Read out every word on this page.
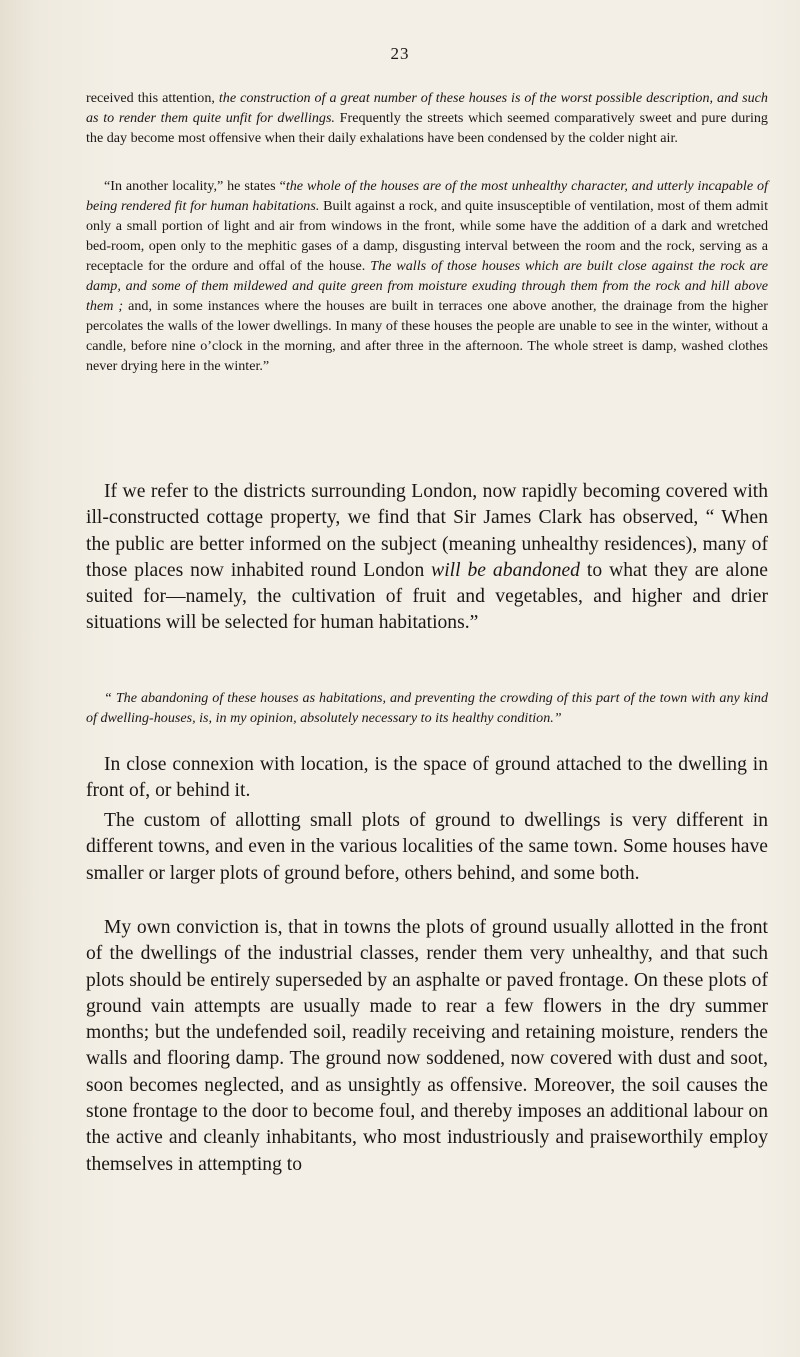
23

received this attention, the construction of a great number of these houses is of the worst possible description, and such as to render them quite unfit for dwellings. Frequently the streets which seemed comparatively sweet and pure during the day become most offensive when their daily exhalations have been condensed by the colder night air.

“In another locality,” he states “the whole of the houses are of the most unhealthy character, and utterly incapable of being rendered fit for human habitations. Built against a rock, and quite insusceptible of ventilation, most of them admit only a small portion of light and air from windows in the front, while some have the addition of a dark and wretched bed-room, open only to the mephitic gases of a damp, disgusting interval between the room and the rock, serving as a receptacle for the ordure and offal of the house. The walls of those houses which are built close against the rock are damp, and some of them mildewed and quite green from moisture exuding through them from the rock and hill above them ; and, in some instances where the houses are built in terraces one above another, the drainage from the higher percolates the walls of the lower dwellings. In many of these houses the people are unable to see in the winter, without a candle, before nine o’clock in the morning, and after three in the afternoon. The whole street is damp, washed clothes never drying here in the winter.”

If we refer to the districts surrounding London, now rapidly becoming covered with ill-constructed cottage property, we find that Sir James Clark has observed, “ When the public are better informed on the subject (meaning unhealthy residences), many of those places now inhabited round London will be abandoned to what they are alone suited for—namely, the cultivation of fruit and vegetables, and higher and drier situations will be selected for human habitations.”

“ The abandoning of these houses as habitations, and preventing the crowding of this part of the town with any kind of dwelling-houses, is, in my opinion, absolutely necessary to its healthy condition.”

In close connexion with location, is the space of ground attached to the dwelling in front of, or behind it.

The custom of allotting small plots of ground to dwellings is very different in different towns, and even in the various localities of the same town. Some houses have smaller or larger plots of ground before, others behind, and some both.

My own conviction is, that in towns the plots of ground usually allotted in the front of the dwellings of the industrial classes, render them very unhealthy, and that such plots should be entirely superseded by an asphalte or paved frontage. On these plots of ground vain attempts are usually made to rear a few flowers in the dry summer months; but the undefended soil, readily receiving and retaining moisture, renders the walls and flooring damp. The ground now soddened, now covered with dust and soot, soon becomes neglected, and as unsightly as offensive. Moreover, the soil causes the stone frontage to the door to become foul, and thereby imposes an additional labour on the active and cleanly inhabitants, who most industriously and praiseworthily employ themselves in attempting to
